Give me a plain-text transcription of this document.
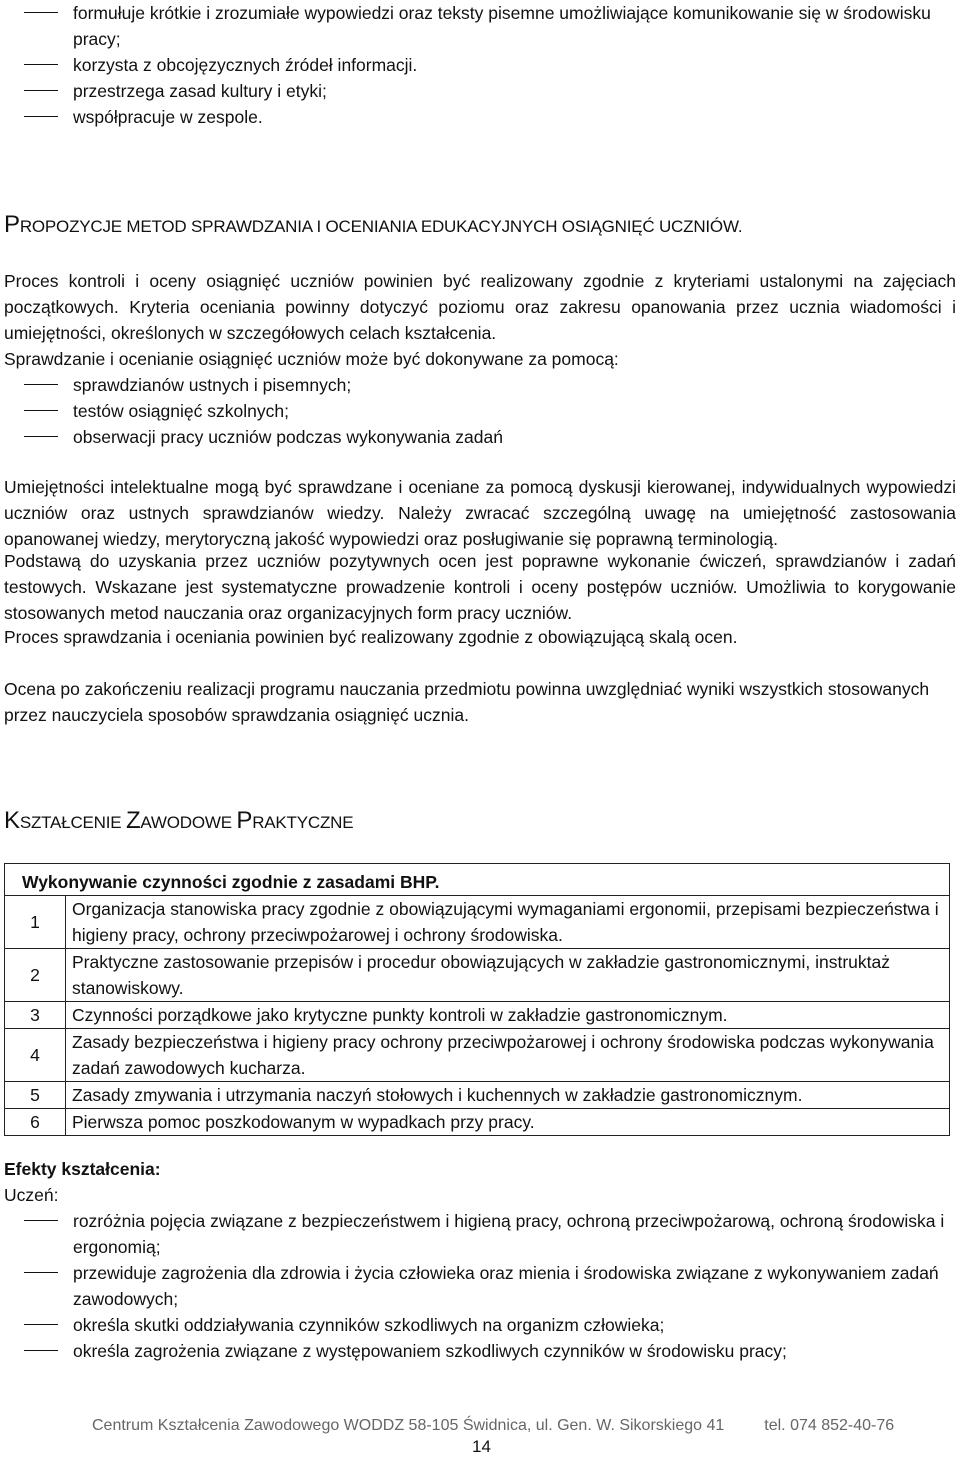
formułuje krótkie i zrozumiałe wypowiedzi oraz teksty pisemne umożliwiające komunikowanie się w środowisku pracy;
korzysta z obcojęzycznych źródeł informacji.
przestrzega zasad kultury i etyki;
współpracuje w zespole.
PROPOZYCJE METOD SPRAWDZANIA I OCENIANIA EDUKACYJNYCH OSIĄGNIĘĆ UCZNIÓW.

Proces kontroli i oceny osiągnięć uczniów powinien być realizowany zgodnie z kryteriami ustalonymi na zajęciach początkowych. Kryteria oceniania powinny dotyczyć poziomu oraz zakresu opanowania przez ucznia wiadomości i umiejętności, określonych w szczegółowych celach kształcenia.

Sprawdzanie i ocenianie osiągnięć uczniów może być dokonywane za pomocą:

sprawdzianów ustnych i pisemnych;
testów osiągnięć szkolnych;
obserwacji pracy uczniów podczas wykonywania zadań

Umiejętności intelektualne mogą być sprawdzane i oceniane za pomocą dyskusji kierowanej, indywidualnych wypowiedzi uczniów oraz ustnych sprawdzianów wiedzy. Należy zwracać szczególną uwagę na umiejętność zastosowania opanowanej wiedzy, merytoryczną jakość wypowiedzi oraz posługiwanie się poprawną terminologią.

Podstawą do uzyskania przez uczniów pozytywnych ocen jest poprawne wykonanie ćwiczeń, sprawdzianów i zadań testowych. Wskazane jest systematyczne prowadzenie kontroli i oceny postępów uczniów. Umożliwia to korygowanie stosowanych metod nauczania oraz organizacyjnych form pracy uczniów.

Proces sprawdzania i oceniania powinien być realizowany zgodnie z obowiązującą skalą ocen.

Ocena po zakończeniu realizacji programu nauczania przedmiotu powinna uwzględniać wyniki wszystkich stosowanych przez nauczyciela sposobów sprawdzania osiągnięć ucznia.

KSZTAŁCENIE ZAWODOWE PRAKTYCZNE
Wykonywanie czynności zgodnie z zasadami BHP.	
1	Organizacja stanowiska pracy zgodnie z obowiązującymi wymaganiami ergonomii, przepisami bezpieczeństwa i higieny pracy, ochrony przeciwpożarowej i ochrony środowiska.
2	Praktyczne zastosowanie przepisów i procedur obowiązujących w zakładzie gastronomicznymi, instruktaż stanowiskowy.
3	Czynności porządkowe jako krytyczne punkty kontroli w zakładzie gastronomicznym.
4	Zasady bezpieczeństwa i higieny pracy ochrony przeciwpożarowej i ochrony środowiska podczas wykonywania zadań zawodowych kucharza.
5	Zasady zmywania i utrzymania naczyń stołowych i kuchennych w zakładzie gastronomicznym.
6	Pierwsza pomoc poszkodowanym w wypadkach przy pracy.
Efekty kształcenia:
Uczeń:
rozróżnia pojęcia związane z bezpieczeństwem i higieną pracy, ochroną przeciwpożarową, ochroną środowiska i ergonomią;
przewiduje zagrożenia dla zdrowia i życia człowieka oraz mienia i środowiska związane z wykonywaniem zadań zawodowych;
określa skutki oddziaływania czynników szkodliwych na organizm człowieka;
określa zagrożenia związane z występowaniem szkodliwych czynników w środowisku pracy;
Centrum Kształcenia Zawodowego WODDZ 58-105 Świdnica, ul. Gen. W. Sikorskiego 41	tel. 074 852-40-76
14
